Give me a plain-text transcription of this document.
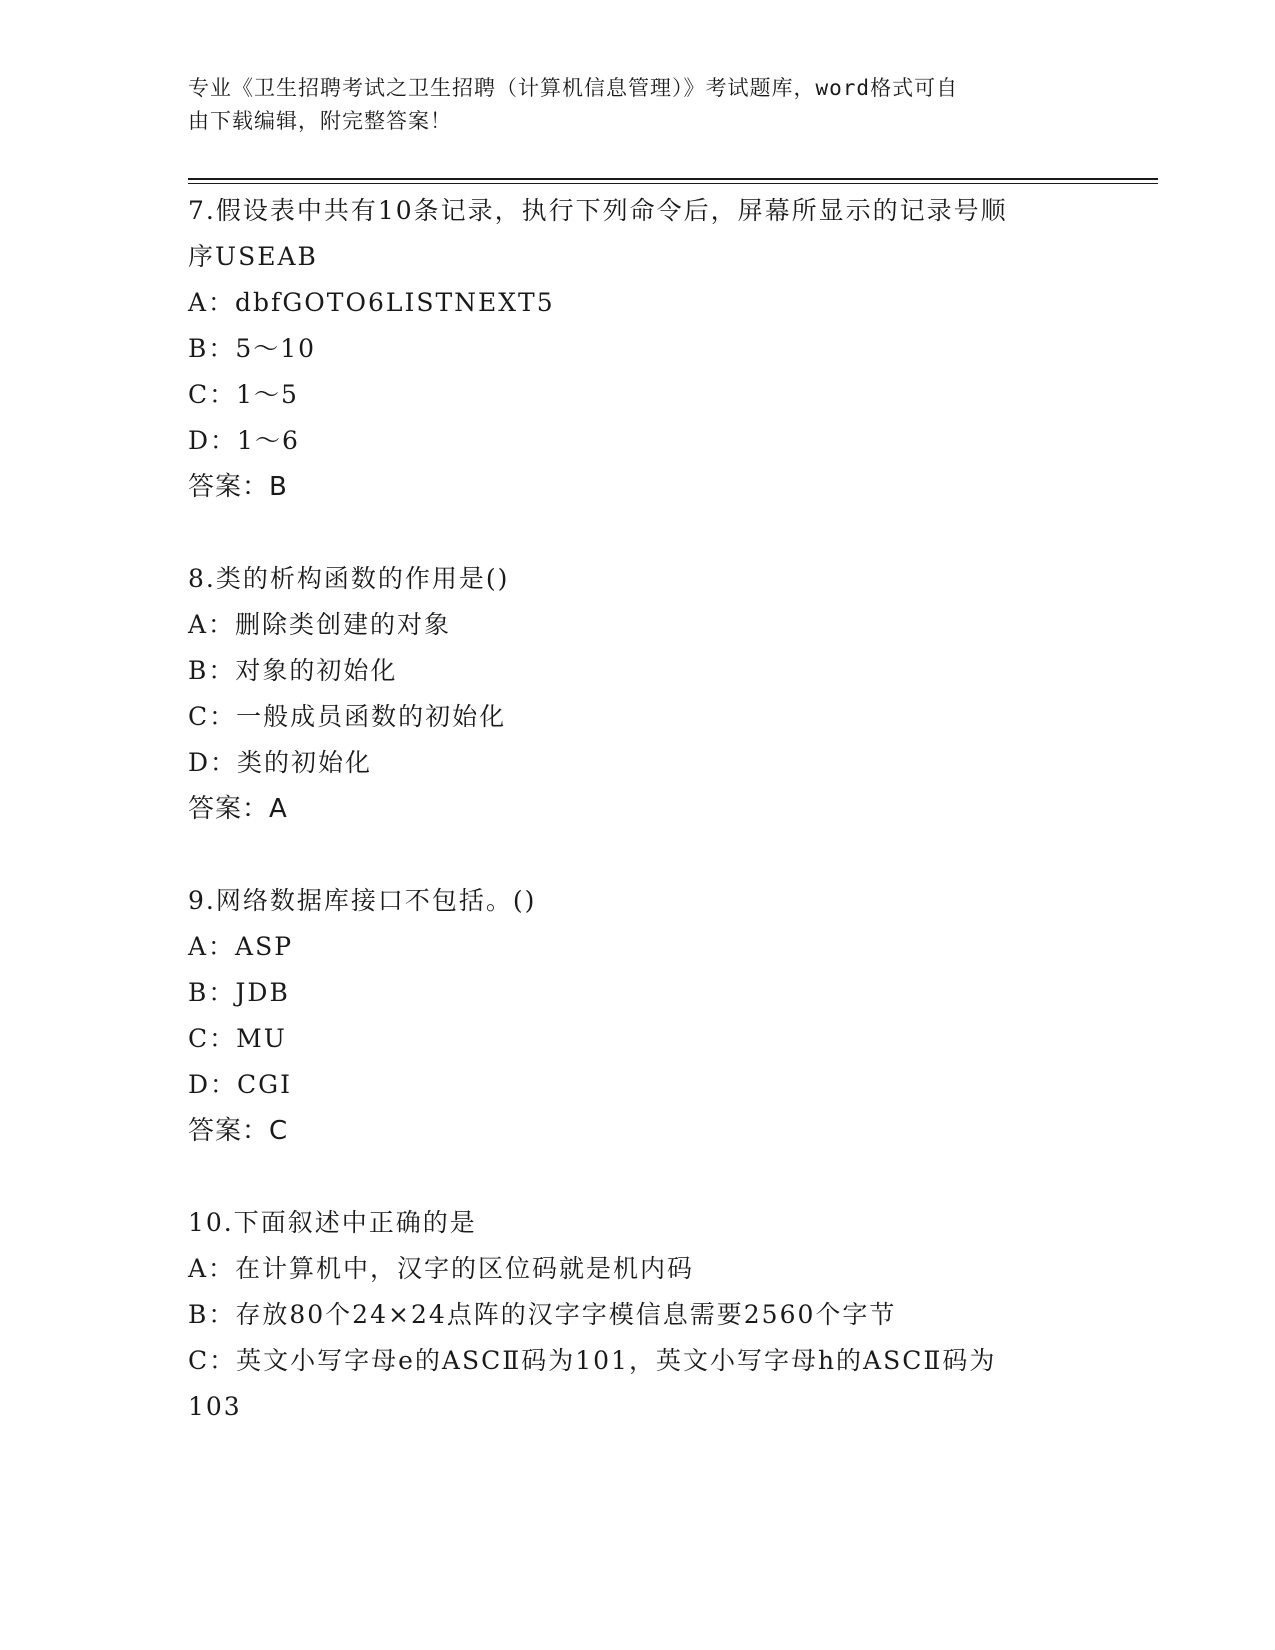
专业《卫生招聘考试之卫生招聘（计算机信息管理）》考试题库，word格式可自
由下载编辑，附完整答案！
7.假设表中共有10条记录，执行下列命令后，屏幕所显示的记录号顺
序USEAB
A：dbfGOTO6LISTNEXT5
B：5～10
C：1～5
D：1～6
答案：B
8.类的析构函数的作用是()
A：删除类创建的对象
B：对象的初始化
C：一般成员函数的初始化
D：类的初始化
答案：A
9.网络数据库接口不包括。()
A：ASP
B：JDB
C：MU
D：CGI
答案：C
10.下面叙述中正确的是
A：在计算机中，汉字的区位码就是机内码
B：存放80个24×24点阵的汉字字模信息需要2560个字节
C：英文小写字母e的ASCⅡ码为101，英文小写字母h的ASCⅡ码为
103
